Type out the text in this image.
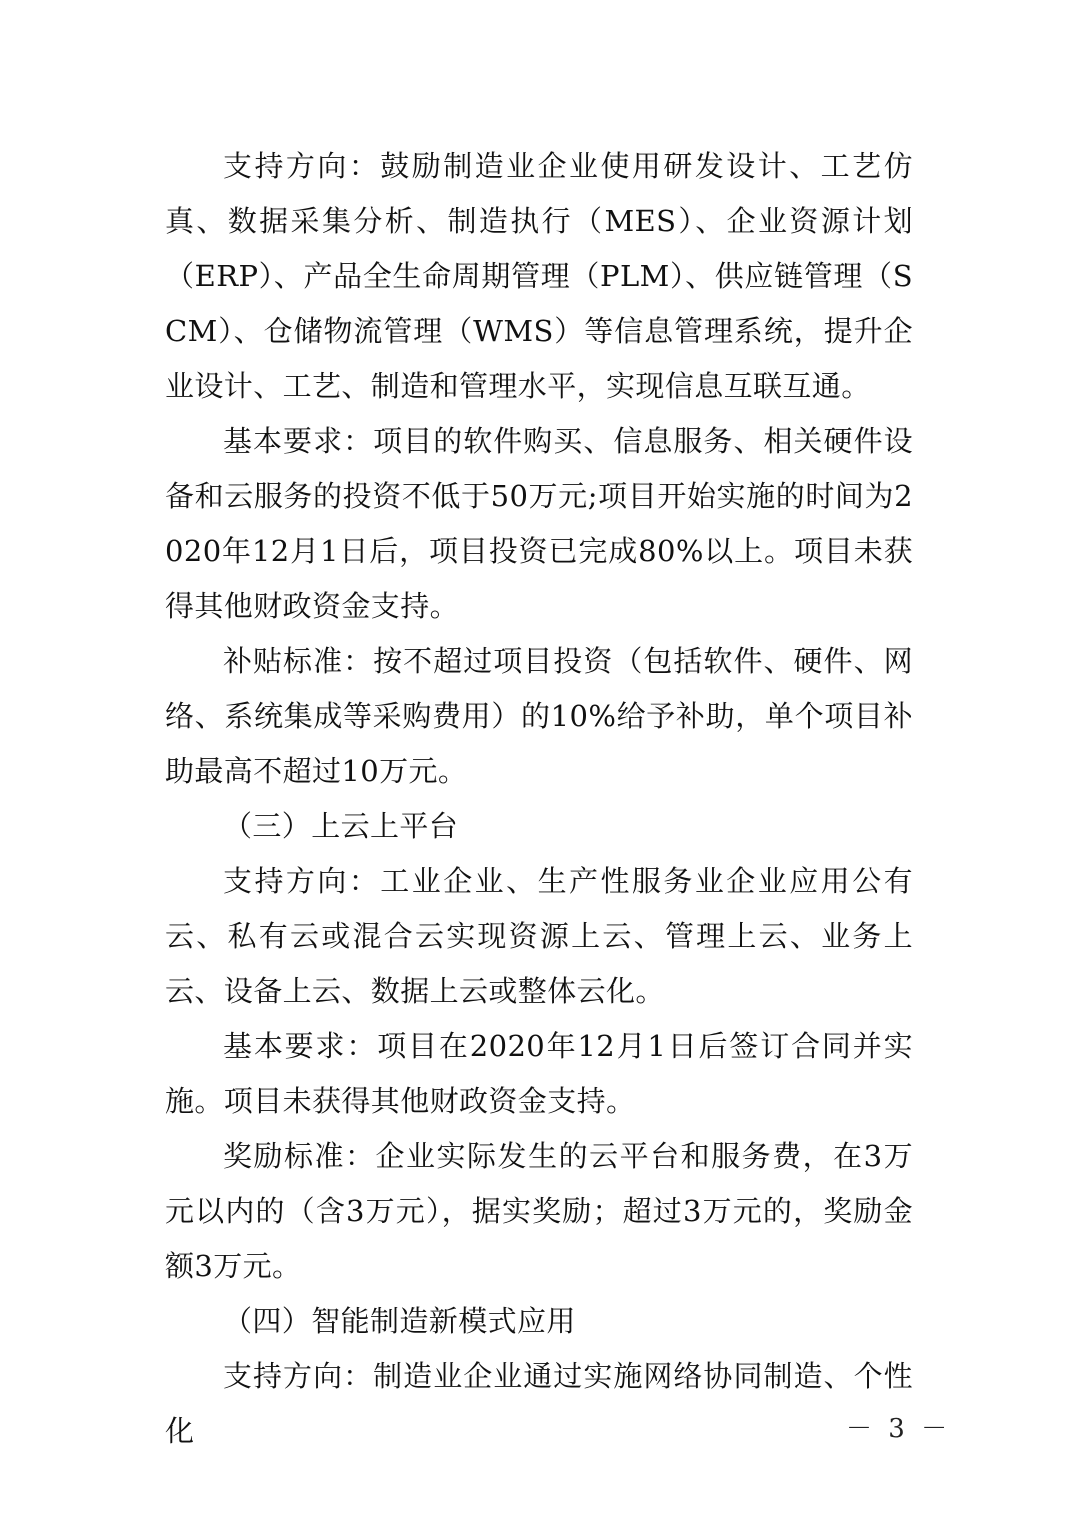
支持方向：鼓励制造业企业使用研发设计、工艺仿真、数据采集分析、制造执行（MES）、企业资源计划（ERP）、产品全生命周期管理（PLM）、供应链管理（SCM）、仓储物流管理（WMS）等信息管理系统，提升企业设计、工艺、制造和管理水平，实现信息互联互通。

基本要求：项目的软件购买、信息服务、相关硬件设备和云服务的投资不低于50万元;项目开始实施的时间为2020年12月1日后，项目投资已完成80%以上。项目未获得其他财政资金支持。

补贴标准：按不超过项目投资（包括软件、硬件、网络、系统集成等采购费用）的10%给予补助，单个项目补助最高不超过10万元。

（三）上云上平台

支持方向：工业企业、生产性服务业企业应用公有云、私有云或混合云实现资源上云、管理上云、业务上云、设备上云、数据上云或整体云化。

基本要求：项目在2020年12月1日后签订合同并实施。项目未获得其他财政资金支持。

奖励标准：企业实际发生的云平台和服务费，在3万元以内的（含3万元），据实奖励；超过3万元的，奖励金额3万元。

（四）智能制造新模式应用

支持方向：制造业企业通过实施网络协同制造、个性化	－ 3 －
